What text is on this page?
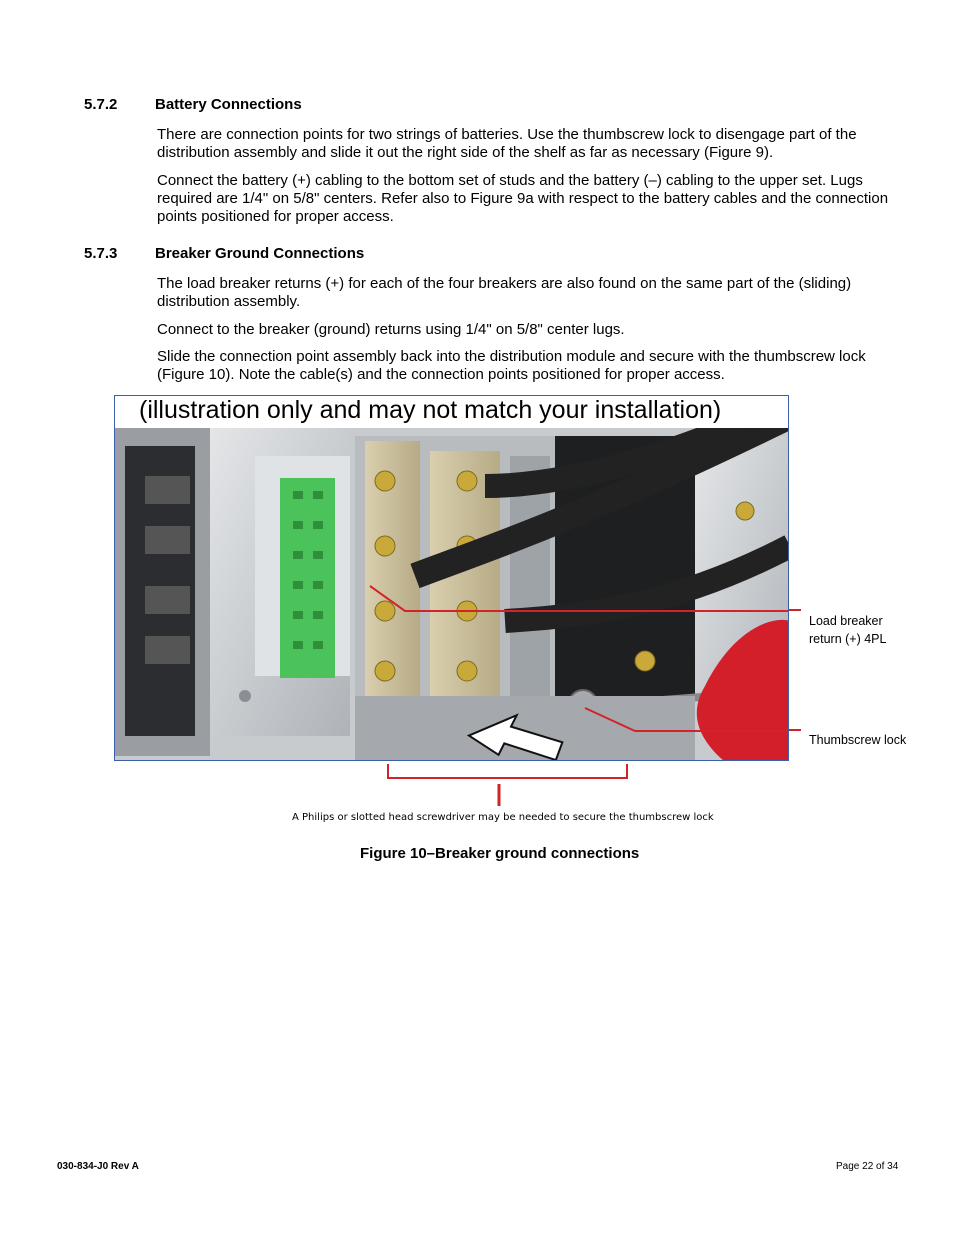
5.7.2	Battery Connections

There are connection points for two strings of batteries. Use the thumbscrew lock to disengage part of the distribution assembly and slide it out the right side of the shelf as far as necessary (Figure 9).

Connect the battery (+) cabling to the bottom set of studs and the battery (–) cabling to the upper set. Lugs required are 1/4" on 5/8" centers. Refer also to Figure 9a with respect to the battery cables and the connection points positioned for proper access.

5.7.3	Breaker Ground Connections

The load breaker returns (+) for each of the four breakers are also found on the same part of the (sliding) distribution assembly.

Connect to the breaker (ground) returns using 1/4" on 5/8" center lugs.

Slide the connection point assembly back into the distribution module and secure with the thumbscrew lock (Figure 10). Note the cable(s) and the connection points positioned for proper access.

(illustration only and may not match your installation)
Load breaker return (+) 4PL
Thumbscrew lock
A Philips or slotted head screwdriver may be needed to secure the thumbscrew lock
Figure 10–Breaker ground connections
030-834-J0 Rev A	Page 22 of 34
